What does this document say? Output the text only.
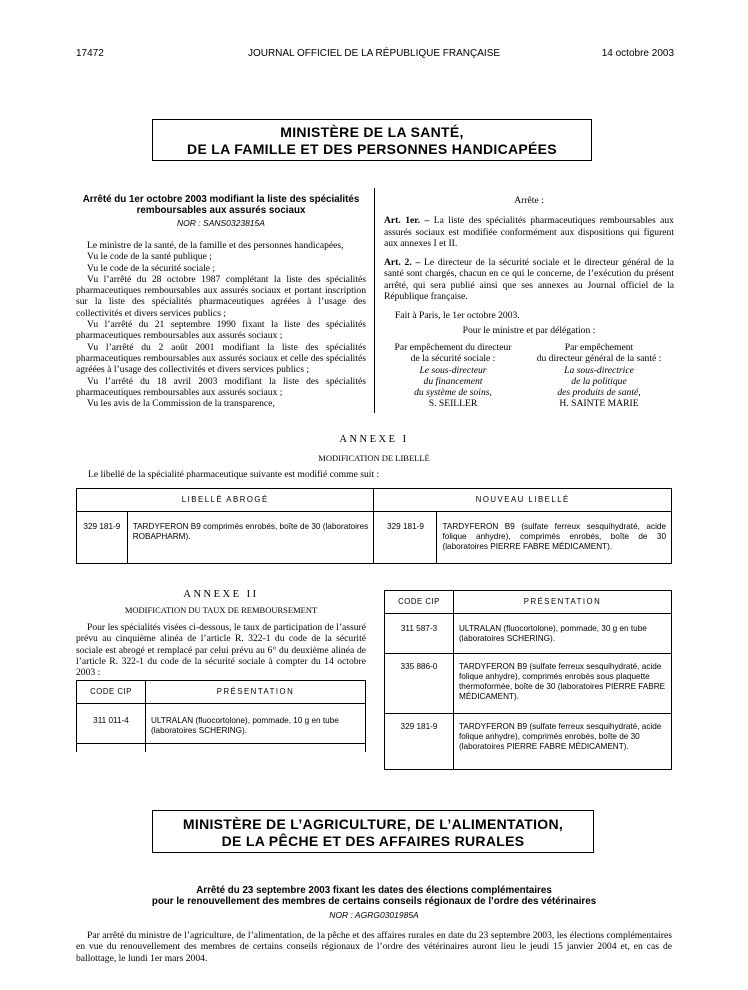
17472	JOURNAL OFFICIEL DE LA RÉPUBLIQUE FRANÇAISE	14 octobre 2003
MINISTÈRE DE LA SANTÉ,
DE LA FAMILLE ET DES PERSONNES HANDICAPÉES
Arrêté du 1er octobre 2003 modifiant la liste des spécialités
remboursables aux assurés sociaux
NOR : SANS0323815A

Le ministre de la santé, de la famille et des personnes handicapées,

Vu le code de la santé publique ;

Vu le code de la sécurité sociale ;

Vu l’arrêté du 28 octobre 1987 complétant la liste des spécialités pharmaceutiques remboursables aux assurés sociaux et portant inscription sur la liste des spécialités pharmaceutiques agréées à l’usage des collectivités et divers services publics ;

Vu l’arrêté du 21 septembre 1990 fixant la liste des spécialités pharmaceutiques remboursables aux assurés sociaux ;

Vu l’arrêté du 2 août 2001 modifiant la liste des spécialités pharmaceutiques remboursables aux assurés sociaux et celle des spécialités agréées à l’usage des collectivités et divers services publics ;

Vu l’arrêté du 18 avril 2003 modifiant la liste des spécialités pharmaceutiques remboursables aux assurés sociaux ;

Vu les avis de la Commission de la transparence,

Arrête :

Art. 1er. – La liste des spécialités pharmaceutiques remboursables aux assurés sociaux est modifiée conformément aux dispositions qui figurent aux annexes I et II.

Art. 2. – Le directeur de la sécurité sociale et le directeur général de la santé sont chargés, chacun en ce qui le concerne, de l’exécution du présent arrêté, qui sera publié ainsi que ses annexes au Journal officiel de la République française.

Fait à Paris, le 1er octobre 2003.

Pour le ministre et par délégation :
Par empêchement du directeur
de la sécurité sociale :
Le sous-directeur
du financement
du système de soins,
S. SEILLER
Par empêchement
du directeur général de la santé :
La sous-directrice
de la politique
des produits de santé,
H. SAINTE MARIE
ANNEXE I
MODIFICATION DE LIBELLÉ
Le libellé de la spécialité pharmaceutique suivante est modifié comme suit :
LIBELLÉ ABROGÉ		NOUVEAU LIBELLÉ	
329 181-9	TARDYFERON B9 comprimés enrobés, boîte de 30 (laboratoires ROBAPHARM).	329 181-9	TARDYFERON B9 (sulfate ferreux sesquihydraté, acide folique anhydre), comprimés enrobés, boîte de 30 (laboratoires PIERRE FABRE MÉDICAMENT).
ANNEXE II
MODIFICATION DU TAUX DE REMBOURSEMENT

Pour les spécialités visées ci-dessous, le taux de participation de l’assuré prévu au cinquième alinéa de l’article R. 322-1 du code de la sécurité sociale est abrogé et remplacé par celui prévu au 6° du deuxième alinéa de l’article R. 322-1 du code de la sécurité sociale à compter du 14 octobre 2003 :

CODE CIP	PRÉSENTATION
311 011-4	ULTRALAN (fluocortolone), pommade, 10 g en tube (laboratoires SCHERING).

CODE CIP	PRÉSENTATION
311 587-3	ULTRALAN (fluocortolone), pommade, 30 g en tube (laboratoires SCHERING).
335 886-0	TARDYFERON B9 (sulfate ferreux sesquihydraté, acide folique anhydre), comprimés enrobés sous plaquette thermoformée, boîte de 30 (laboratoires PIERRE FABRE MÉDICAMENT).
329 181-9	TARDYFERON B9 (sulfate ferreux sesquihydraté, acide folique anhydre), comprimés enrobés, boîte de 30 (laboratoires PIERRE FABRE MÉDICAMENT).
MINISTÈRE DE L’AGRICULTURE, DE L’ALIMENTATION,
DE LA PÊCHE ET DES AFFAIRES RURALES
Arrêté du 23 septembre 2003 fixant les dates des élections complémentaires
pour le renouvellement des membres de certains conseils régionaux de l’ordre des vétérinaires
NOR : AGRG0301985A

Par arrêté du ministre de l’agriculture, de l’alimentation, de la pêche et des affaires rurales en date du 23 septembre 2003, les élections complémentaires en vue du renouvellement des membres de certains conseils régionaux de l’ordre des vétérinaires auront lieu le jeudi 15 janvier 2004 et, en cas de ballottage, le lundi 1er mars 2004.
